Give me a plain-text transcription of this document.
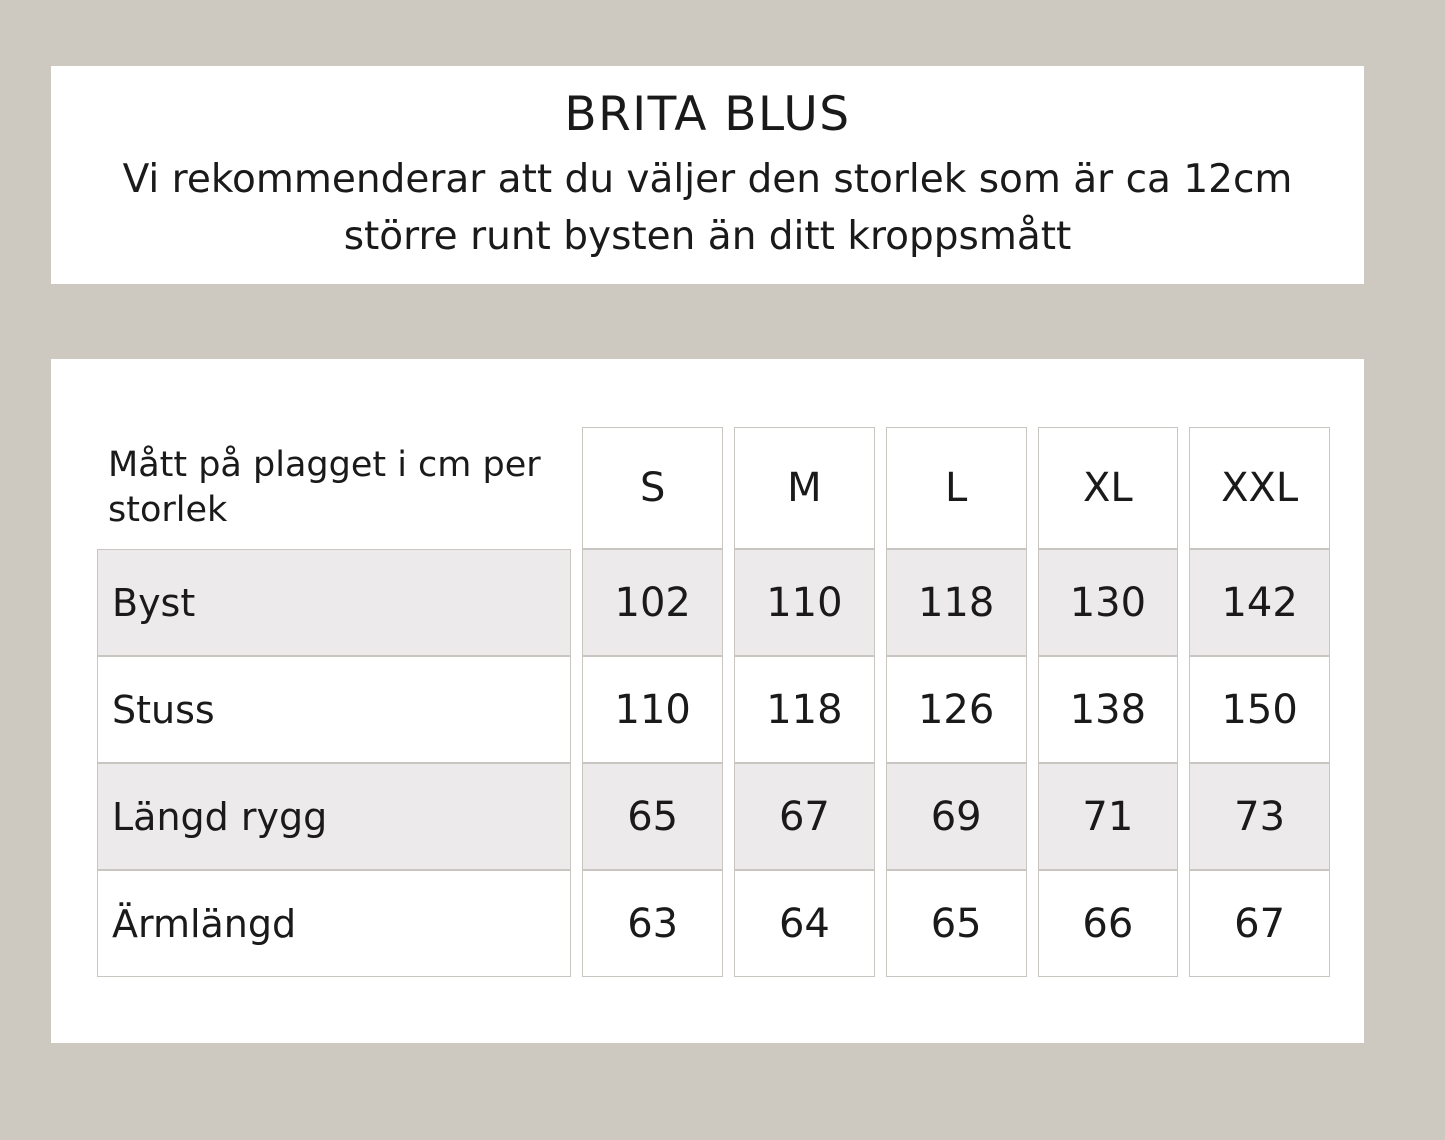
BRITA BLUS
Vi rekommenderar att du väljer den storlek som är ca 12cm större runt bysten än ditt kroppsmått
Mått på plagget i cm per storlek	S	M	L	XL	XXL
Byst	102	110	118	130	142
Stuss	110	118	126	138	150
Längd rygg	65	67	69	71	73
Ärmlängd	63	64	65	66	67
